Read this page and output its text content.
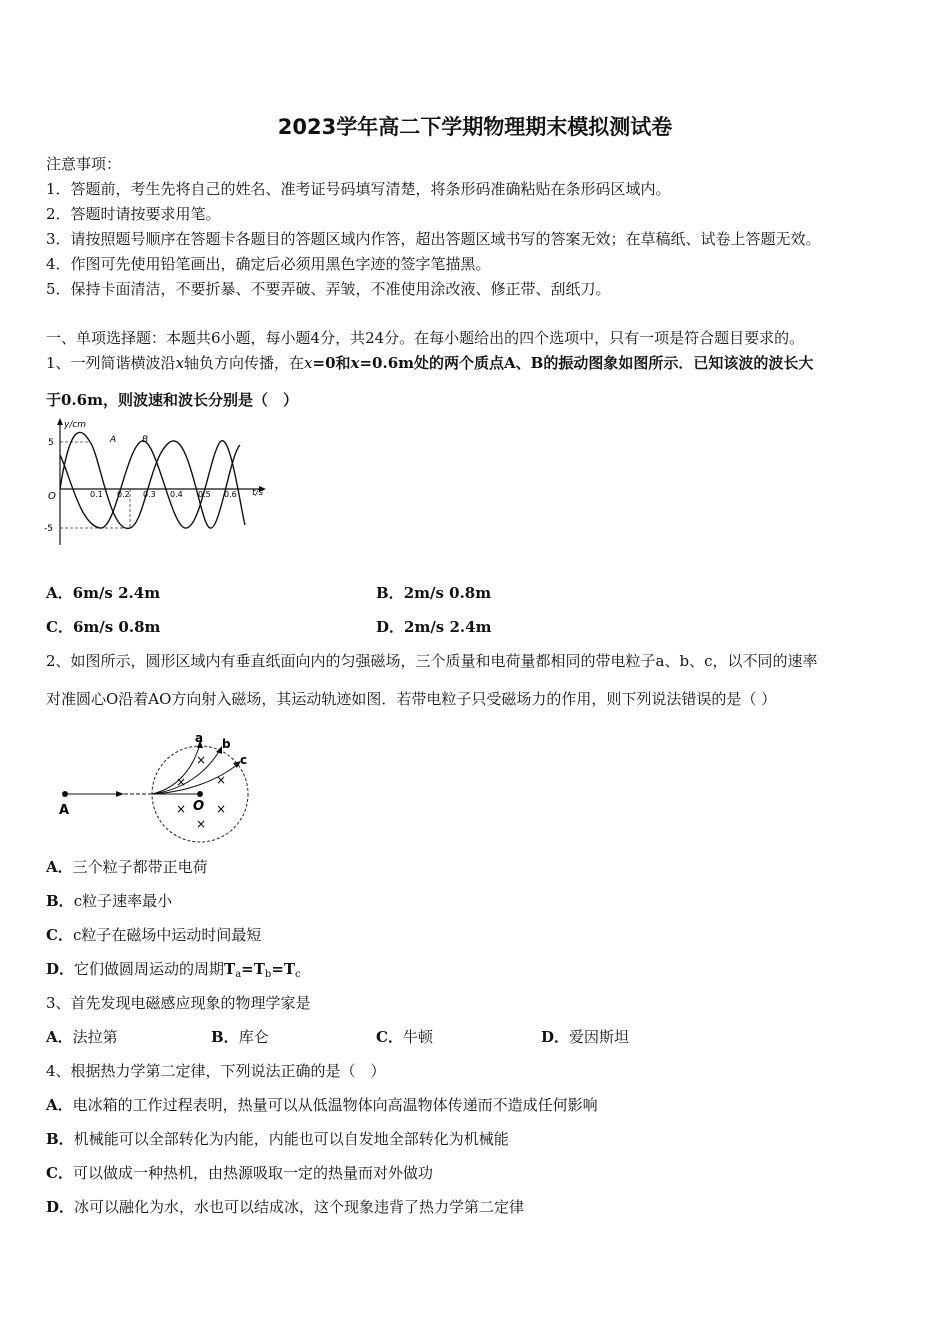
2023学年高二下学期物理期末模拟测试卷
注意事项：
1．答题前，考生先将自己的姓名、准考证号码填写清楚，将条形码准确粘贴在条形码区域内。
2．答题时请按要求用笔。
3．请按照题号顺序在答题卡各题目的答题区域内作答，超出答题区域书写的答案无效；在草稿纸、试卷上答题无效。
4．作图可先使用铅笔画出，确定后必须用黑色字迹的签字笔描黑。
5．保持卡面清洁，不要折暴、不要弄破、弄皱，不准使用涂改液、修正带、刮纸刀。
一、单项选择题：本题共6小题，每小题4分，共24分。在每小题给出的四个选项中，只有一项是符合题目要求的。
1、一列简谐横波沿x轴负方向传播，在x=0和x=0.6m处的两个质点A、B的振动图象如图所示．已知该波的波长大
于0.6m，则波速和波长分别是（　）
y/cm
t/s
O
5
-5
0.1 0.2 0.3 0.4 0.5 0.6
A	B
A．6m/s 2.4m	B．2m/s 0.8m
C．6m/s 0.8m	D．2m/s 2.4m
2、如图所示，圆形区域内有垂直纸面向内的匀强磁场，三个质量和电荷量都相同的带电粒子a、b、c，以不同的速率
对准圆心O沿着AO方向射入磁场，其运动轨迹如图．若带电粒子只受磁场力的作用，则下列说法错误的是（ ）
×
×
×
× ×
×
A	O
a b
c
A．三个粒子都带正电荷
B．c粒子速率最小
C．c粒子在磁场中运动时间最短
D．它们做圆周运动的周期$T_a=T_b=T_c$
3、首先发现电磁感应现象的物理学家是
A．法拉第	B．库仑	C．牛顿	D．爱因斯坦
4、根据热力学第二定律，下列说法正确的是（　）
A．电冰箱的工作过程表明，热量可以从低温物体向高温物体传递而不造成任何影响
B．机械能可以全部转化为内能，内能也可以自发地全部转化为机械能
C．可以做成一种热机，由热源吸取一定的热量而对外做功
D．冰可以融化为水，水也可以结成冰，这个现象违背了热力学第二定律
